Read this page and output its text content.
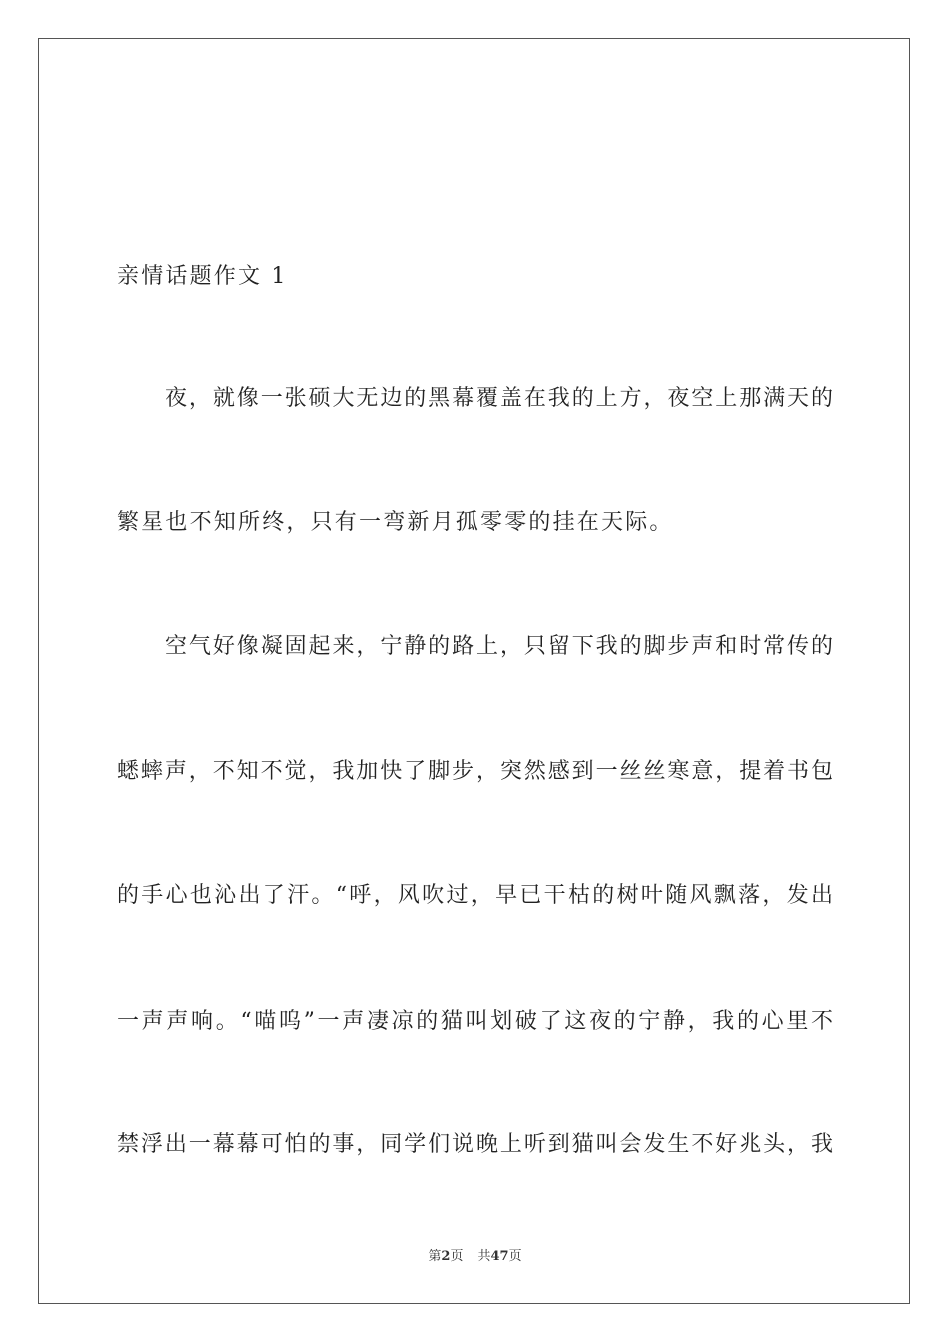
亲情话题作文 1
夜，就像一张硕大无边的黑幕覆盖在我的上方，夜空上那满天的
繁星也不知所终，只有一弯新月孤零零的挂在天际。
空气好像凝固起来，宁静的路上，只留下我的脚步声和时常传的
蟋蟀声，不知不觉，我加快了脚步，突然感到一丝丝寒意，提着书包
的手心也沁出了汗。“呼，风吹过，早已干枯的树叶随风飘落，发出
一声声响。“喵呜”一声凄凉的猫叫划破了这夜的宁静，我的心里不
禁浮出一幕幕可怕的事，同学们说晚上听到猫叫会发生不好兆头，我
第2页 共47页
